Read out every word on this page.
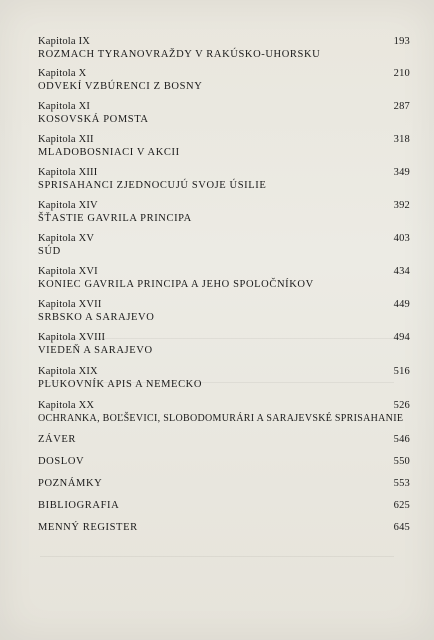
Kapitola IX	193
ROZMACH TYRANOVRAŽDY V RAKÚSKO-UHORSKU
Kapitola X	210
ODVEKÍ VZBÚRENCI Z BOSNY
Kapitola XI	287
KOSOVSKÁ POMSTA
Kapitola XII	318
MLADOBOSNIACI V AKCII
Kapitola XIII	349
SPRISAHANCI ZJEDNOCUJÚ SVOJE ÚSILIE
Kapitola XIV	392
ŠŤASTIE GAVRILA PRINCIPA
Kapitola XV	403
SÚD
Kapitola XVI	434
KONIEC GAVRILA PRINCIPA A JEHO SPOLOČNÍKOV
Kapitola XVII	449
SRBSKO A SARAJEVO
Kapitola XVIII	494
VIEDEŇ A SARAJEVO
Kapitola XIX	516
PLUKOVNÍK APIS A NEMECKO
Kapitola XX	526
OCHRANKA, BOĽŠEVICI, SLOBODOMURÁRI A SARAJEVSKÉ SPRISAHANIE
ZÁVER	546
DOSLOV	550
POZNÁMKY	553
BIBLIOGRAFIA	625
MENNÝ REGISTER	645
